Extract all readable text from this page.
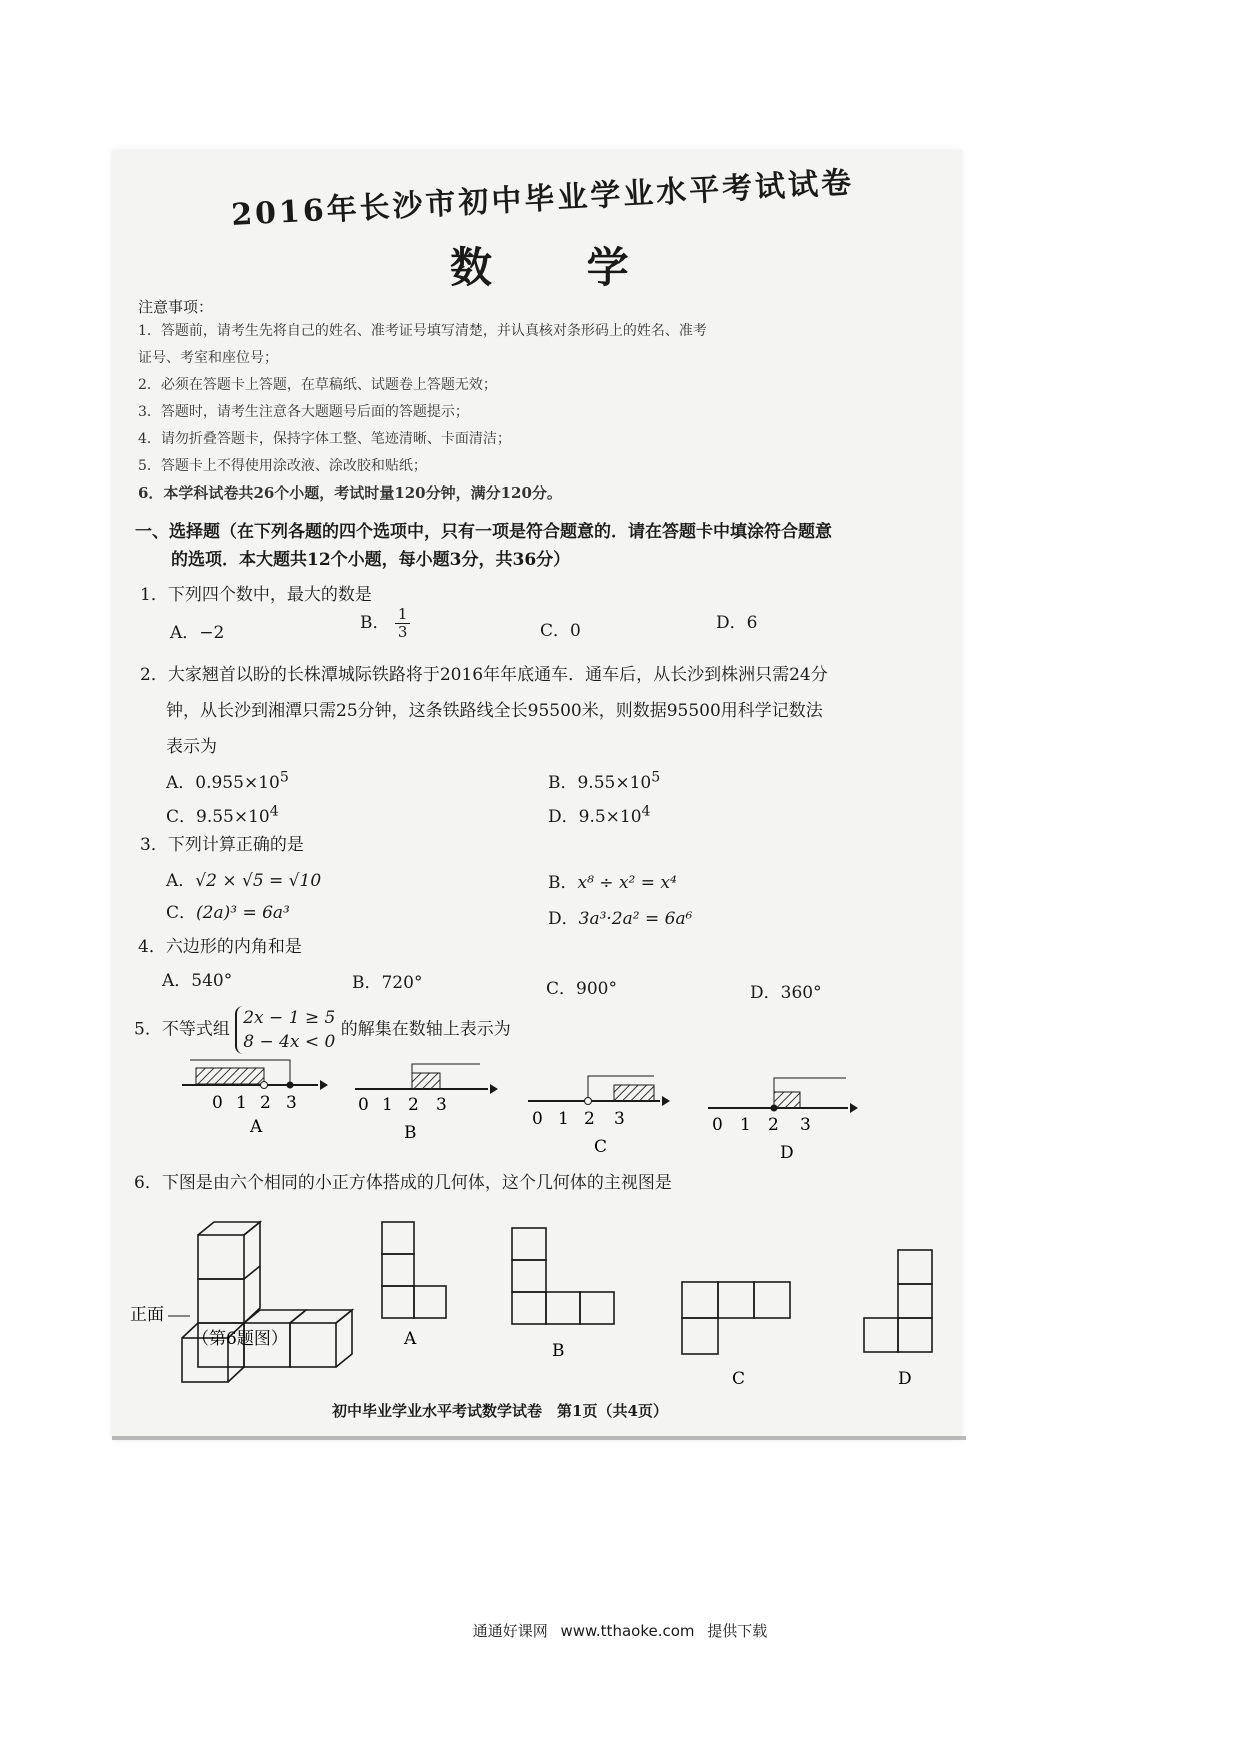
2016年长沙市初中毕业学业水平考试试卷
数 学
注意事项：
1．答题前，请考生先将自己的姓名、准考证号填写清楚，并认真核对条形码上的姓名、准考
证号、考室和座位号；
2．必须在答题卡上答题，在草稿纸、试题卷上答题无效；
3．答题时，请考生注意各大题题号后面的答题提示；
4．请勿折叠答题卡，保持字体工整、笔迹清晰、卡面清洁；
5．答题卡上不得使用涂改液、涂改胶和贴纸；
6．本学科试卷共26个小题，考试时量120分钟，满分120分。
一、选择题（在下列各题的四个选项中，只有一项是符合题意的．请在答题卡中填涂符合题意
的选项．本大题共12个小题，每小题3分，共36分）
1．下列四个数中，最大的数是
A．−2	B． $\frac{1}{3}$	C．0	D．6
2．大家翘首以盼的长株潭城际铁路将于2016年年底通车．通车后，从长沙到株洲只需24分
钟，从长沙到湘潭只需25分钟，这条铁路线全长95500米，则数据95500用科学记数法
表示为
A．$0.955\times 10^5$	B．$9.55\times 10^5$
C．$9.55\times 10^4$	D．$9.5\times 10^4$
3．下列计算正确的是
A．√2 × √5 = √10	B．x⁸ ÷ x² = x⁴
C．(2a)³ = 6a³	D．3a³·2a² = 6a⁶
4．六边形的内角和是
A．540°	B．720°	C．900°	D．360°
5．不等式组
2x − 1 ≥ 5
8 − 4x < 0
的解集在数轴上表示为
0 1 2 3
A
0 1 2 3
B
0 1 2 3
C
0 1 2 3
D
6．下图是由六个相同的小正方体搭成的几何体，这个几何体的主视图是
正面
（第6题图）	A
B
C	D
初中毕业学业水平考试数学试卷　第1页（共4页）
通通好课网 www.tthaoke.com 提供下载
